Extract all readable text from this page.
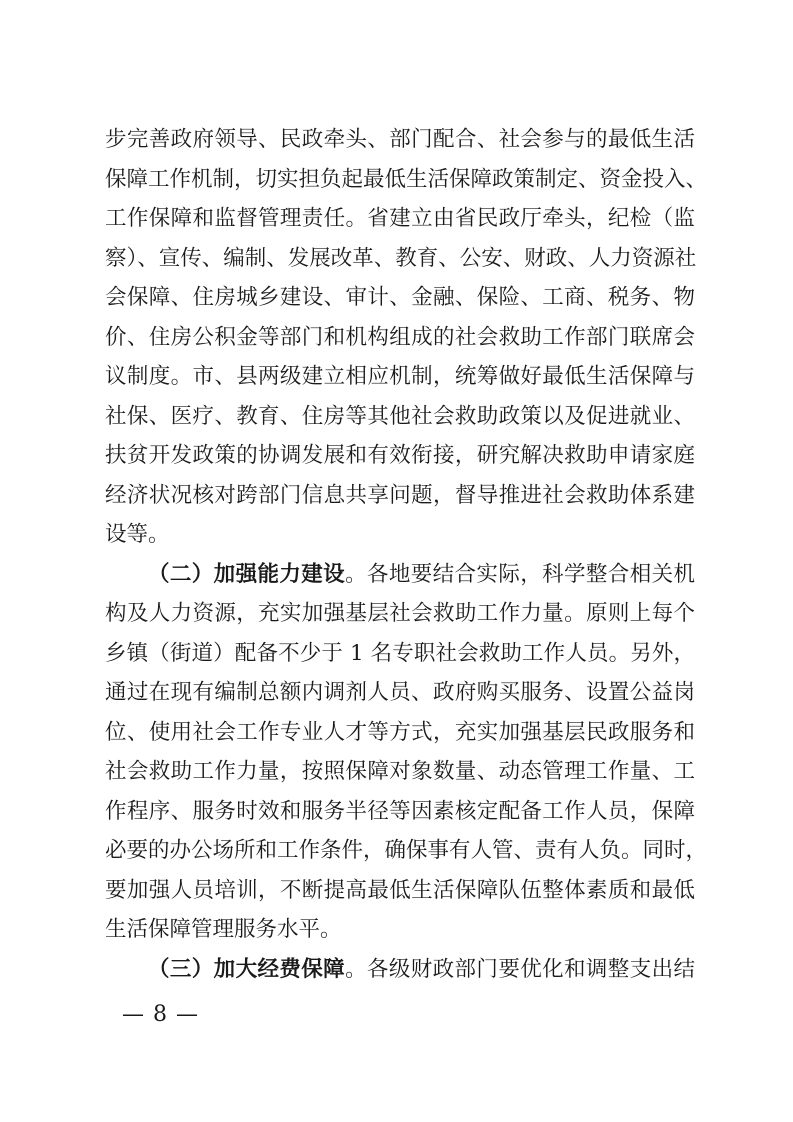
步完善政府领导、民政牵头、部门配合、社会参与的最低生活
保障工作机制，切实担负起最低生活保障政策制定、资金投入、
工作保障和监督管理责任。省建立由省民政厅牵头，纪检（监
察）、宣传、编制、发展改革、教育、公安、财政、人力资源社
会保障、住房城乡建设、审计、金融、保险、工商、税务、物
价、住房公积金等部门和机构组成的社会救助工作部门联席会
议制度。市、县两级建立相应机制，统筹做好最低生活保障与
社保、医疗、教育、住房等其他社会救助政策以及促进就业、
扶贫开发政策的协调发展和有效衔接，研究解决救助申请家庭
经济状况核对跨部门信息共享问题，督导推进社会救助体系建
设等。
（二）加强能力建设。各地要结合实际，科学整合相关机
构及人力资源，充实加强基层社会救助工作力量。原则上每个
乡镇（街道）配备不少于 1 名专职社会救助工作人员。另外，
通过在现有编制总额内调剂人员、政府购买服务、设置公益岗
位、使用社会工作专业人才等方式，充实加强基层民政服务和
社会救助工作力量，按照保障对象数量、动态管理工作量、工
作程序、服务时效和服务半径等因素核定配备工作人员，保障
必要的办公场所和工作条件，确保事有人管、责有人负。同时，
要加强人员培训，不断提高最低生活保障队伍整体素质和最低
生活保障管理服务水平。
（三）加大经费保障。各级财政部门要优化和调整支出结
— 8 —
